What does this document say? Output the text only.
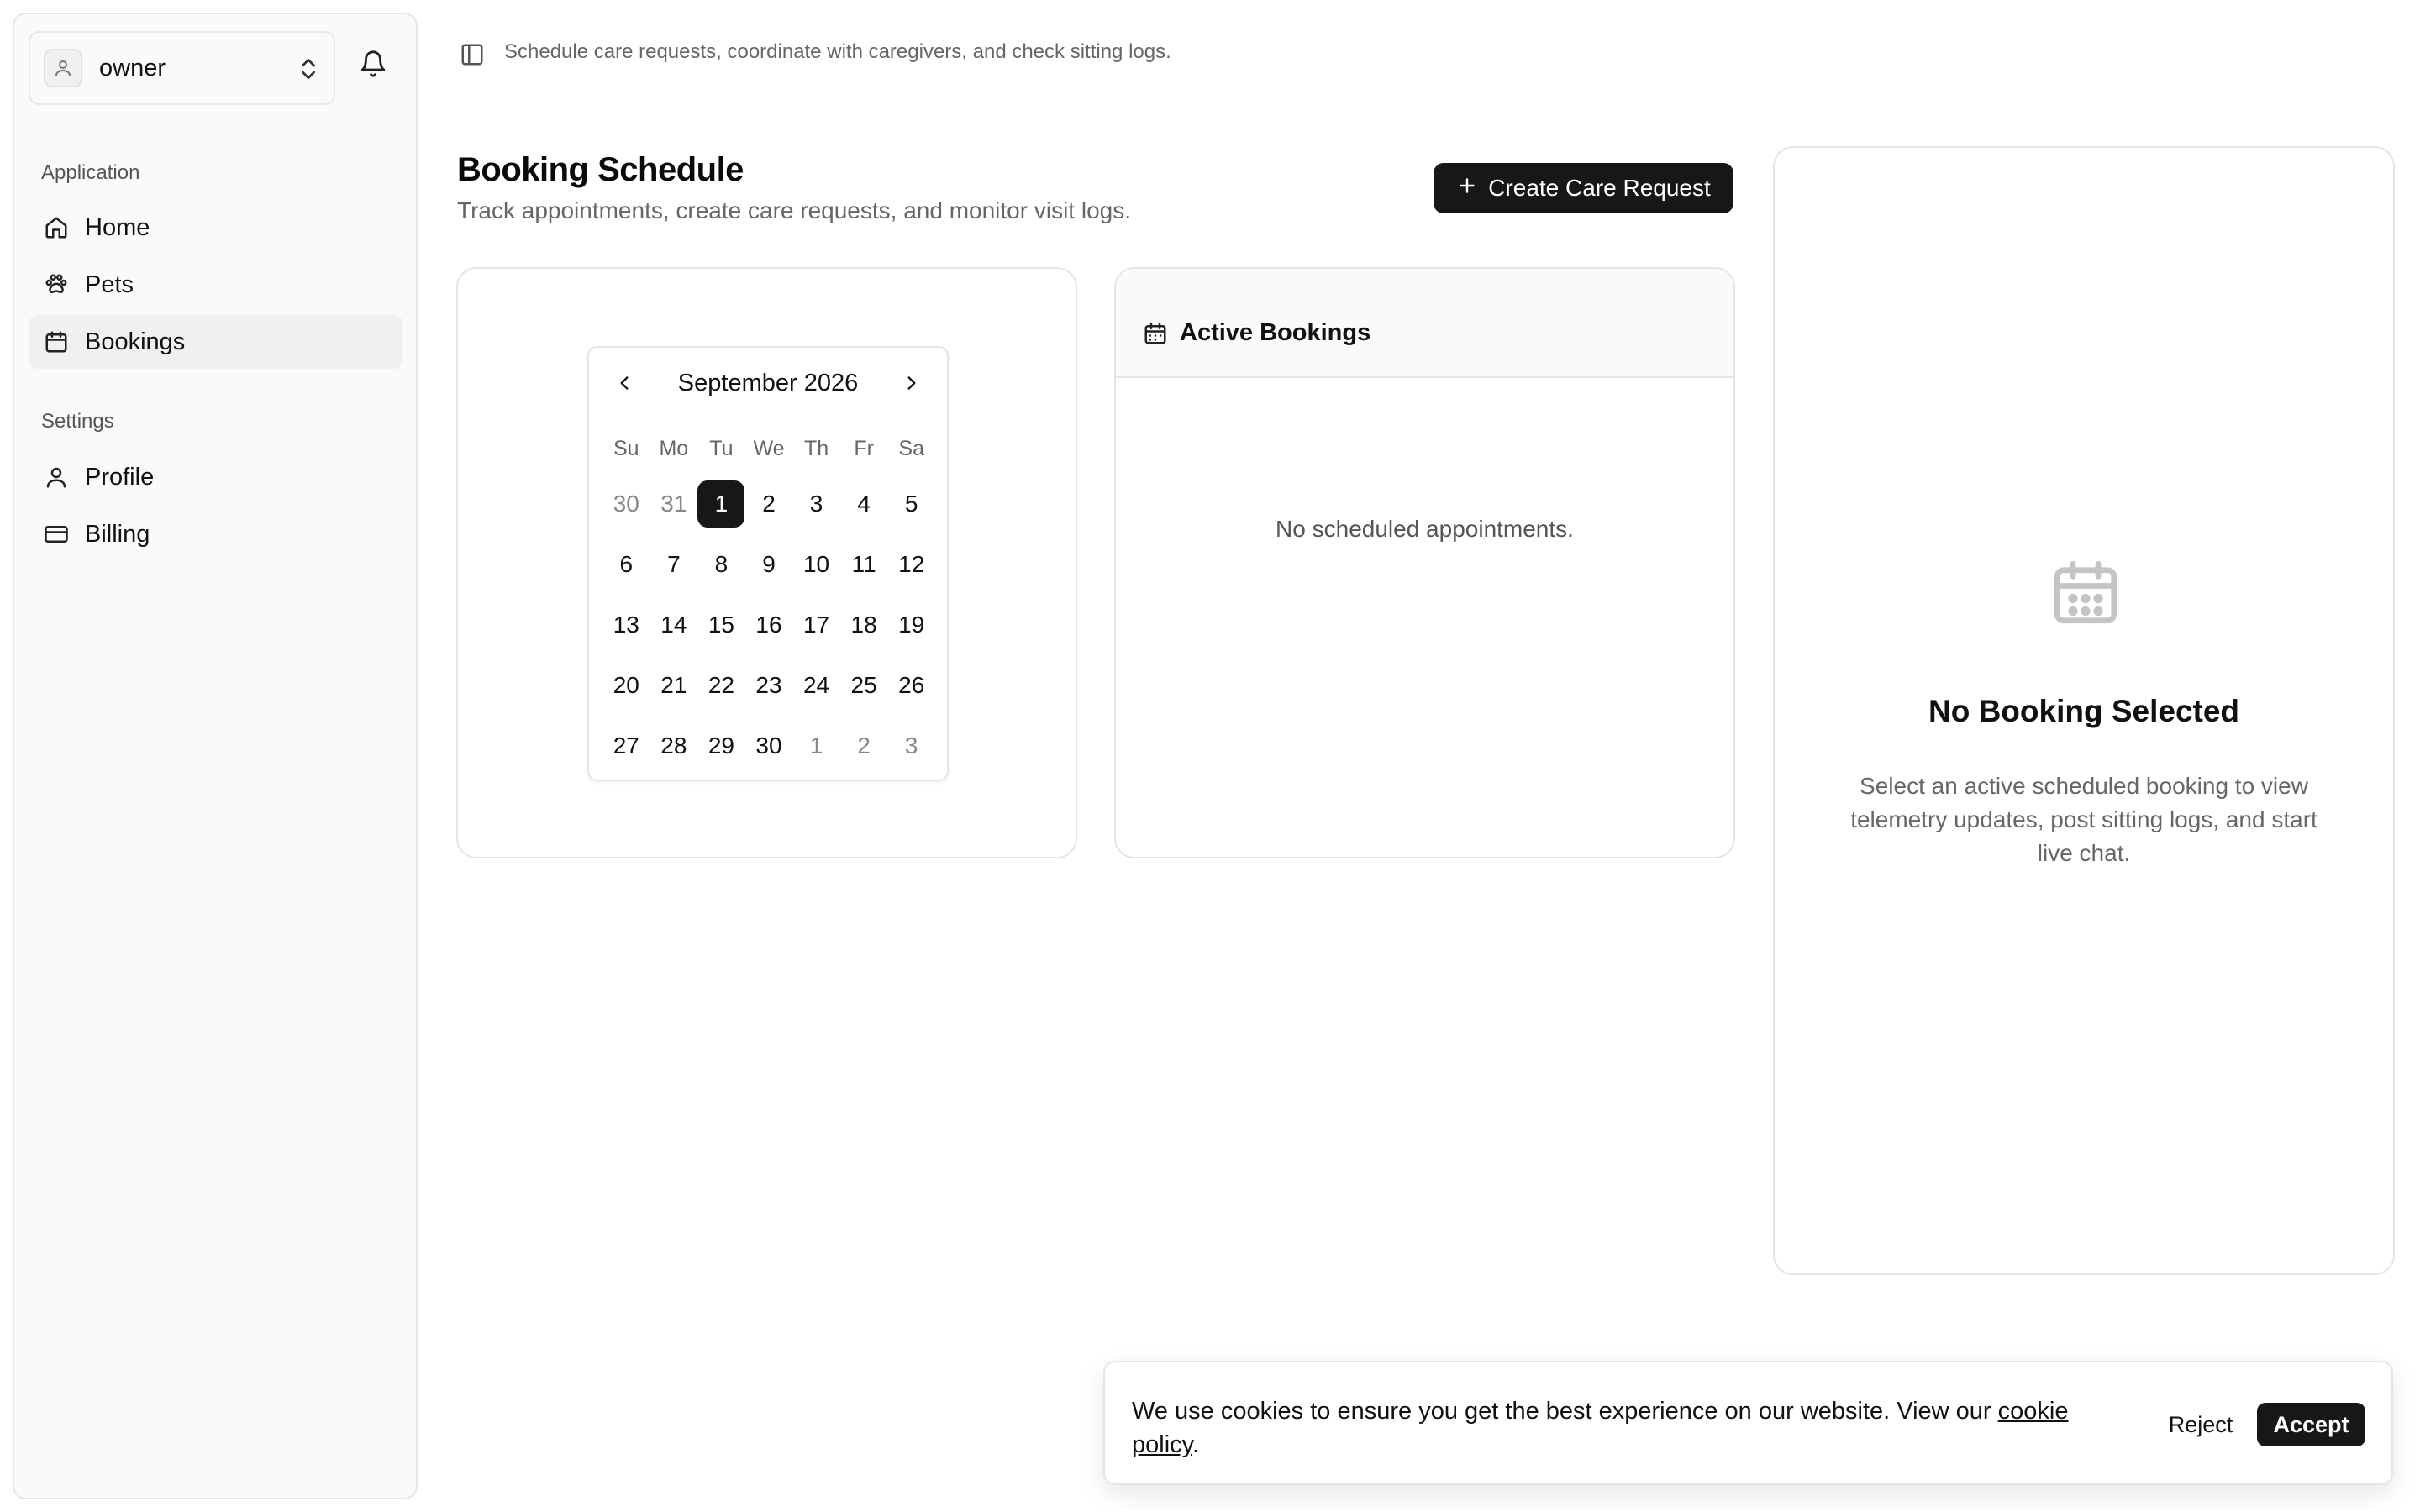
owner
Application
Home
Pets
Bookings
Settings
Profile
Billing
Schedule care requests, coordinate with caregivers, and check sitting logs.
Booking Schedule
Track appointments, create care requests, and monitor visit logs.
Create Care Request
September 2026
Su Mo	Tu We Th	Fr	Sa
30 31	1	2 3 4 5
6 7 8 9 10 11 12
13 14 15 16 17 18 19
20 21 22 23 24 25 26
27 28 29 30 1 2 3
Active Bookings
No scheduled appointments.
No Booking Selected
Select an active scheduled booking to view telemetry updates, post sitting logs, and start live chat.

We use cookies to ensure you get the best experience on our website. View our cookie policy.

Reject	Accept
